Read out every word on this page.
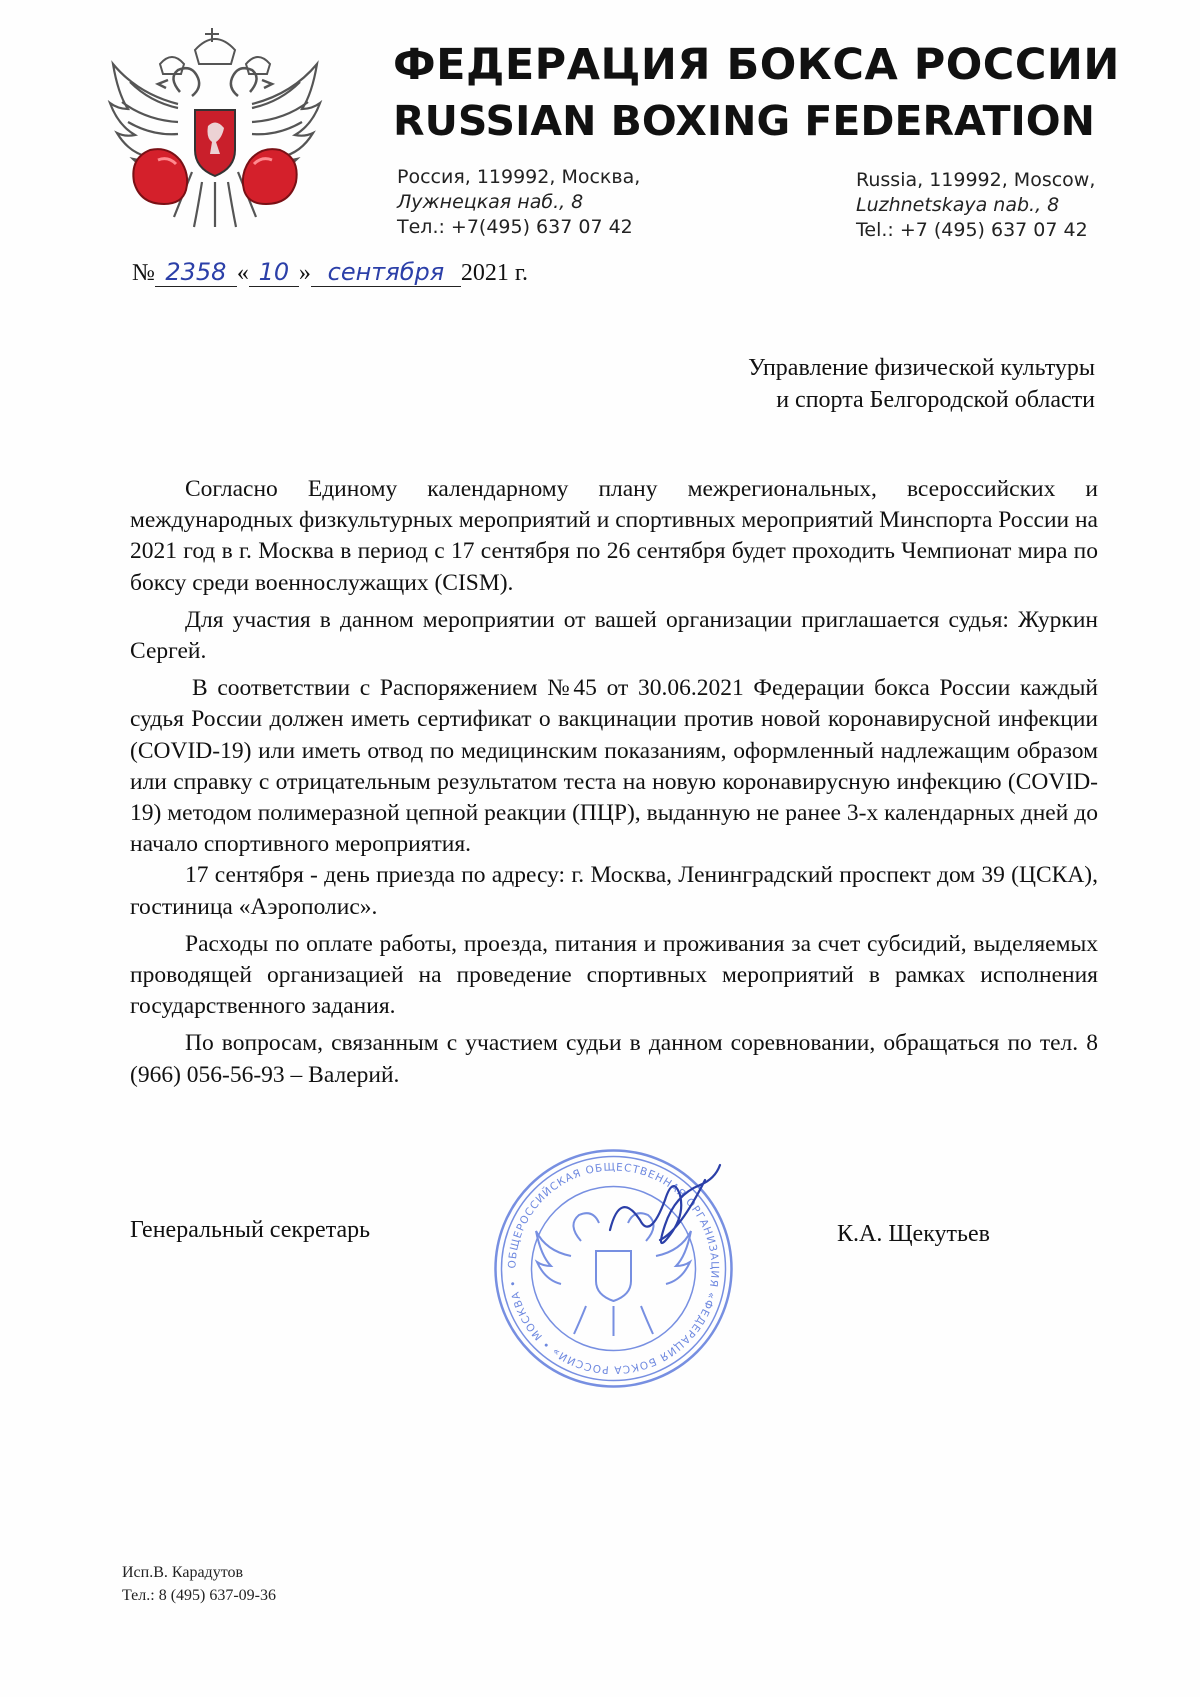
ФЕДЕРАЦИЯ БОКСА РОССИИ
RUSSIAN BOXING FEDERATION
Россия, 119992, Москва,
Лужнецкая наб., 8
Тел.: +7(495) 637 07 42
Russia, 119992, Moscow,
Luzhnetskaya nab., 8
Tel.: +7 (495) 637 07 42
№ 2358 « 10 » сентября 2021 г.
Управление физической культуры
и спорта Белгородской области

Согласно Единому календарному плану межрегиональных, всероссийских и международных физкультурных мероприятий и спортивных мероприятий Минспорта России на 2021 год в г. Москва в период с 17 сентября по 26 сентября будет проходить Чемпионат мира по боксу среди военнослужащих (CISM).

Для участия в данном мероприятии от вашей организации приглашается судья: Журкин Сергей.

В соответствии с Распоряжением №45 от 30.06.2021 Федерации бокса России каждый судья России должен иметь сертификат о вакцинации против новой коронавирусной инфекции (COVID-19) или иметь отвод по медицинским показаниям, оформленный надлежащим образом или справку с отрицательным результатом теста на новую коронавирусную инфекцию (COVID-19) методом полимеразной цепной реакции (ПЦР), выданную не ранее 3-х календарных дней до начало спортивного мероприятия.

17 сентября - день приезда по адресу: г. Москва, Ленинградский проспект дом 39 (ЦСКА), гостиница «Аэрополис».

Расходы по оплате работы, проезда, питания и проживания за счет субсидий, выделяемых проводящей организацией на проведение спортивных мероприятий в рамках исполнения государственного задания.

По вопросам, связанным с участием судьи в данном соревновании, обращаться по тел. 8 (966) 056-56-93 – Валерий.

Генеральный секретарь	К.А. Щекутьев
ОБЩЕРОССИЙСКАЯ ОБЩЕСТВЕННАЯ ОРГАНИЗАЦИЯ «ФЕДЕРАЦИЯ БОКСА РОССИИ» • МОСКВА •
Исп.В. Карадутов
Тел.: 8 (495) 637-09-36
